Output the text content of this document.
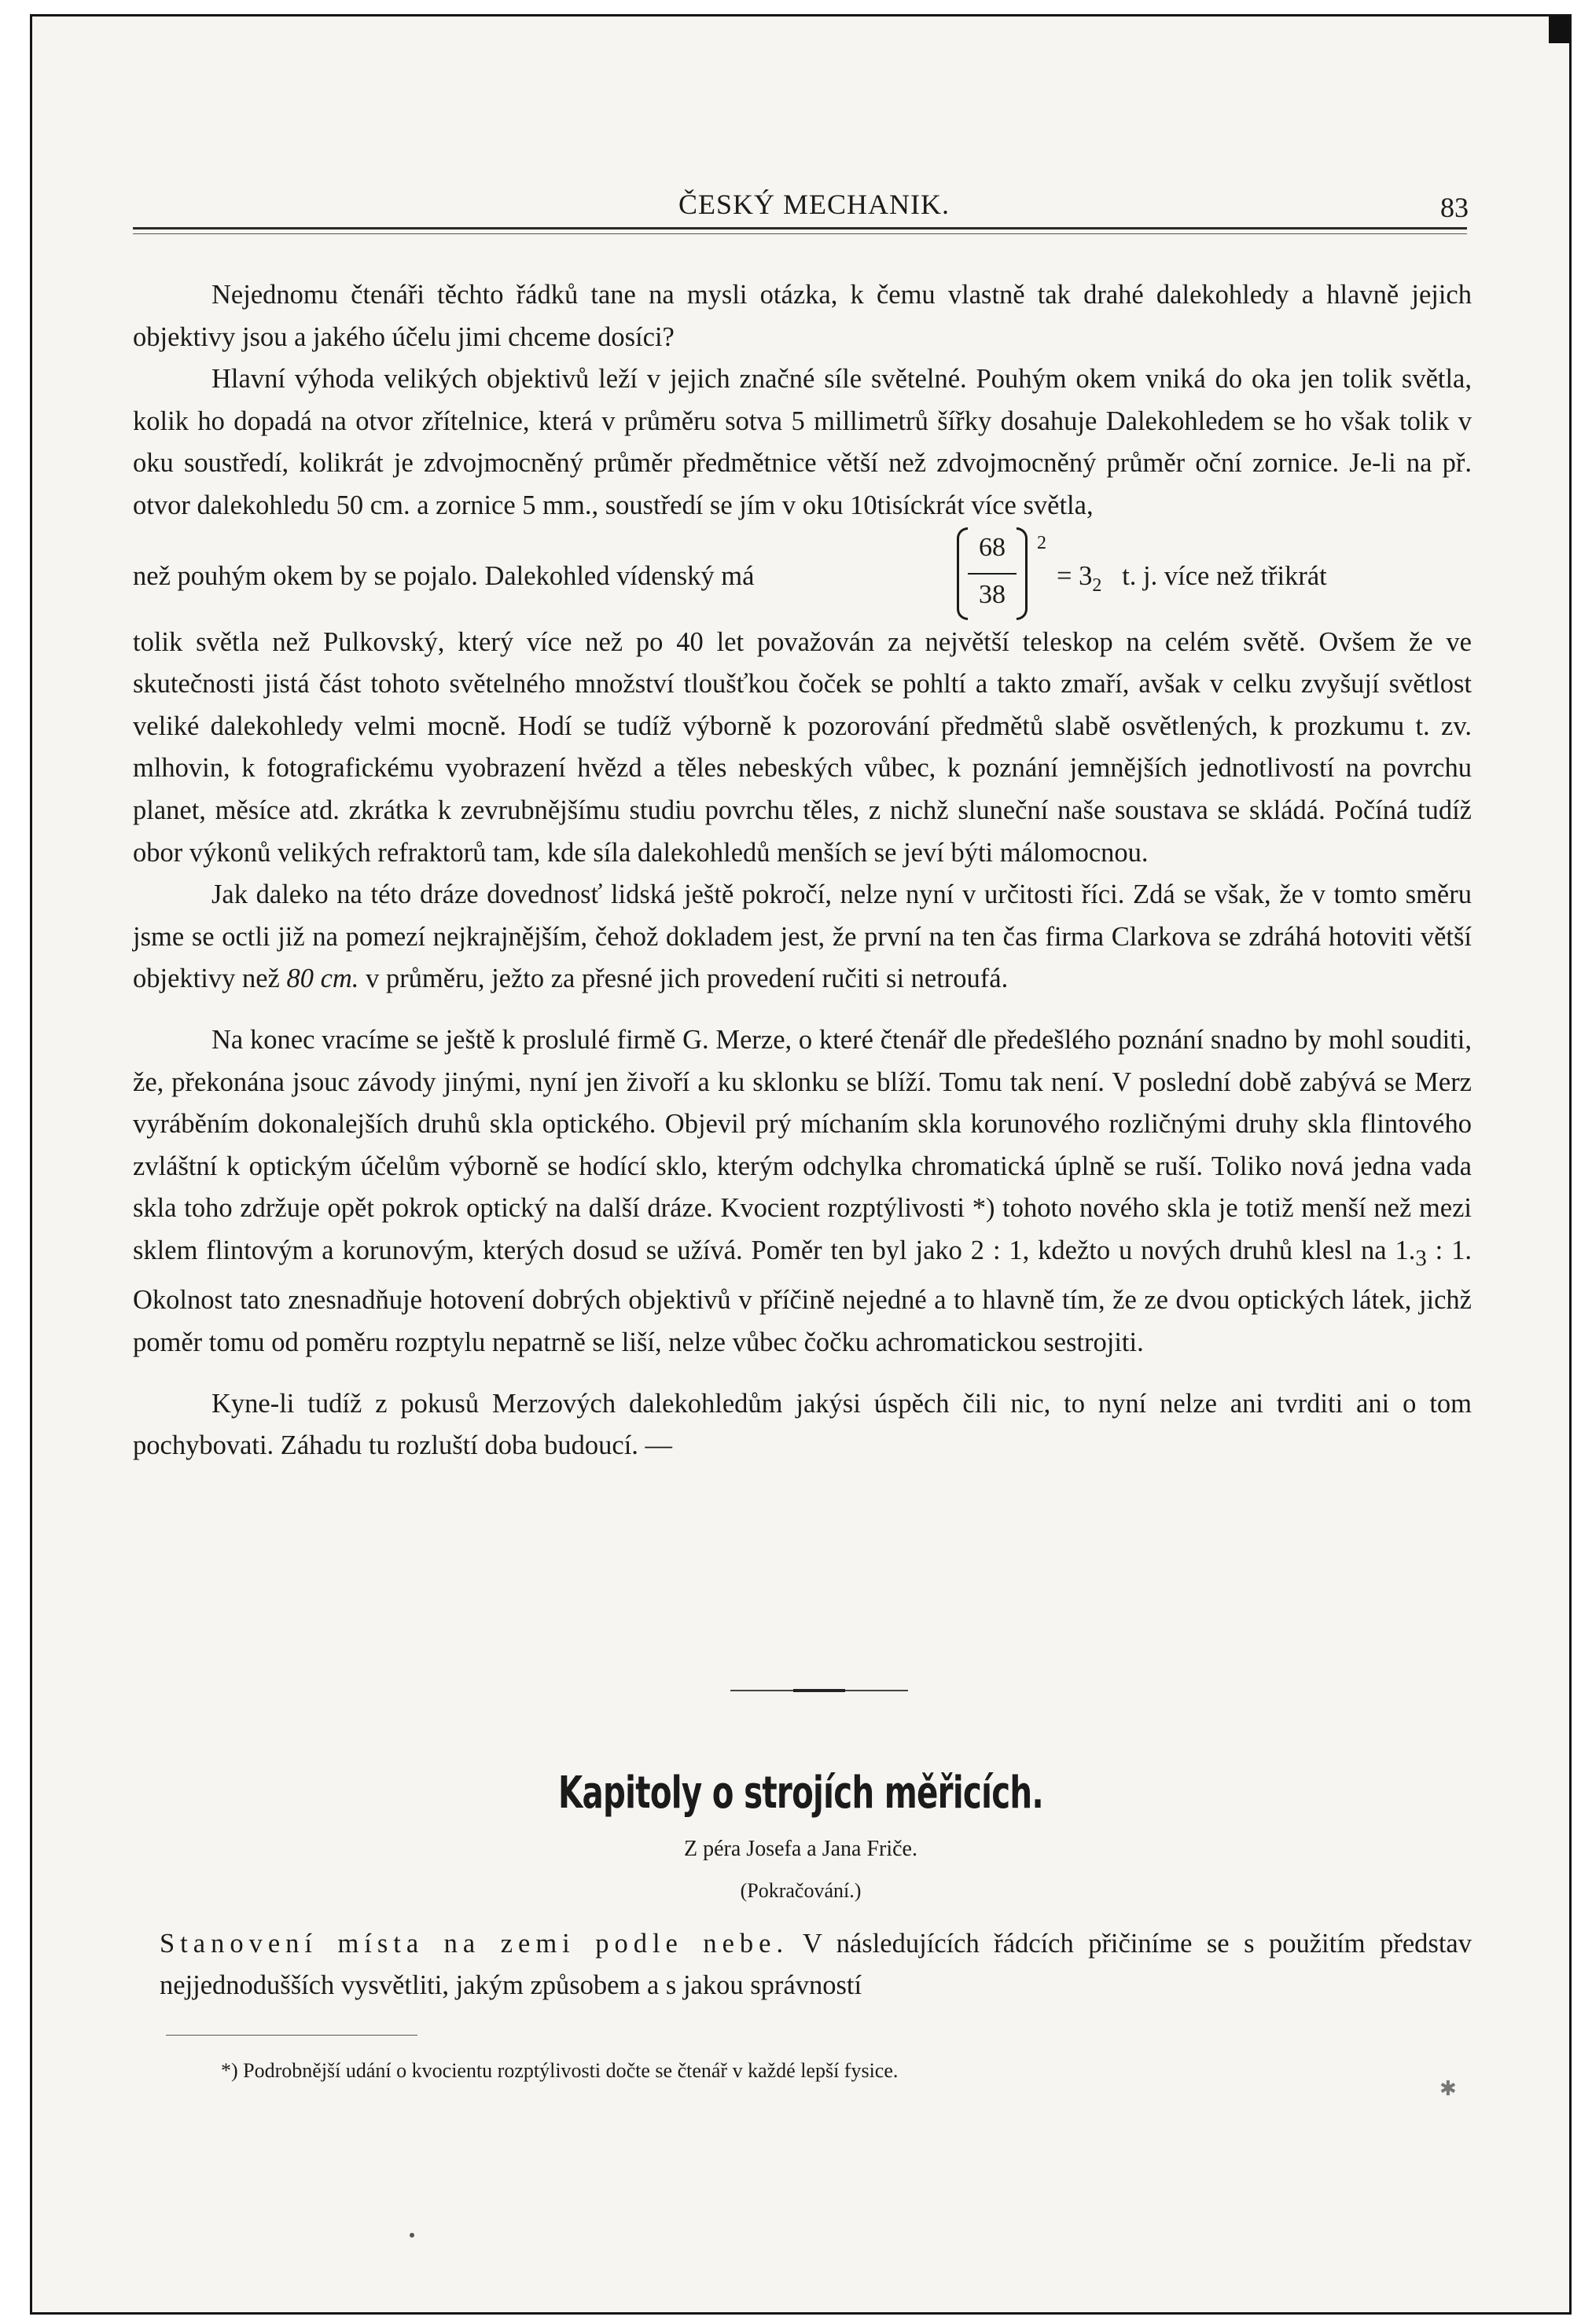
ČESKÝ MECHANIK.	83

Nejednomu čtenáři těchto řádků tane na mysli otázka, k čemu vlastně tak drahé dalekohledy a hlavně jejich objektivy jsou a jakého účelu jimi chceme dosíci?

Hlavní výhoda velikých objektivů leží v jejich značné síle světelné. Pouhým okem vniká do oka jen tolik světla, kolik ho dopadá na otvor zřítelnice, která v průměru sotva 5 millimetrů šířky dosahuje Dalekohledem se ho však tolik v oku soustředí, kolikrát je zdvojmocněný průměr předmětnice větší než zdvojmocněný průměr oční zornice. Je-li na př. otvor dalekohledu 50 cm. a zornice 5 mm., soustředí se jím v oku 10tisíckrát více světla,

než pouhým okem by se pojalo. Dalekohled vídenský má
68
38
2
= $3_2$ t. j. více než třikrát

tolik světla než Pulkovský, který více než po 40 let považován za největší teleskop na celém světě. Ovšem že ve skutečnosti jistá část tohoto světelného množství tloušťkou čoček se pohltí a takto zmaří, avšak v celku zvyšují světlost veliké dalekohledy velmi mocně. Hodí se tudíž výborně k pozorování předmětů slabě osvětlených, k prozkumu t. zv. mlhovin, k fotografickému vyobrazení hvězd a těles nebeských vůbec, k poznání jemnějších jednotlivostí na povrchu planet, měsíce atd. zkrátka k zevrubnějšímu studiu povrchu těles, z nichž sluneční naše soustava se skládá. Počíná tudíž obor výkonů velikých refraktorů tam, kde síla dalekohledů menších se jeví býti málomocnou.

Jak daleko na této dráze dovednosť lidská ještě pokročí, nelze nyní v určitosti říci. Zdá se však, že v tomto směru jsme se octli již na pomezí nejkrajnějším, čehož dokladem jest, že první na ten čas firma Clarkova se zdráhá hotoviti větší objektivy než 80 cm. v průměru, ježto za přesné jich provedení ručiti si netroufá.

Na konec vracíme se ještě k proslulé firmě G. Merze, o které čtenář dle předešlého poznání snadno by mohl souditi, že, překonána jsouc závody jinými, nyní jen živoří a ku sklonku se blíží. Tomu tak není. V poslední době zabývá se Merz vyráběním dokonalejších druhů skla optického. Objevil prý míchaním skla korunového rozličnými druhy skla flintového zvláštní k optickým účelům výborně se hodící sklo, kterým odchylka chromatická úplně se ruší. Toliko nová jedna vada skla toho zdržuje opět pokrok optický na další dráze. Kvocient rozptýlivosti *) tohoto nového skla je totiž menší než mezi sklem flintovým a korunovým, kterých dosud se užívá. Poměr ten byl jako 2 : 1, kdežto u nových druhů klesl na $1._3$ : 1. Okolnost tato znesnadňuje hotovení dobrých objektivů v příčině nejedné a to hlavně tím, že ze dvou optických látek, jichž poměr tomu od poměru rozptylu nepatrně se liší, nelze vůbec čočku achromatickou sestrojiti.

Kyne-li tudíž z pokusů Merzových dalekohledům jakýsi úspěch čili nic, to nyní nelze ani tvrditi ani o tom pochybovati. Záhadu tu rozluští doba budoucí. —

Kapitoly o strojích měřicích.
Z péra Josefa a Jana Friče.
(Pokračování.)

Stanovení místa na zemi podle nebe. V následujících řádcích přičiníme se s použitím představ nejjednodušších vysvětliti, jakým způsobem a s jakou správností

*) Podrobnější udání o kvocientu rozptýlivosti dočte se čtenář v každé lepší fysice.
✱
